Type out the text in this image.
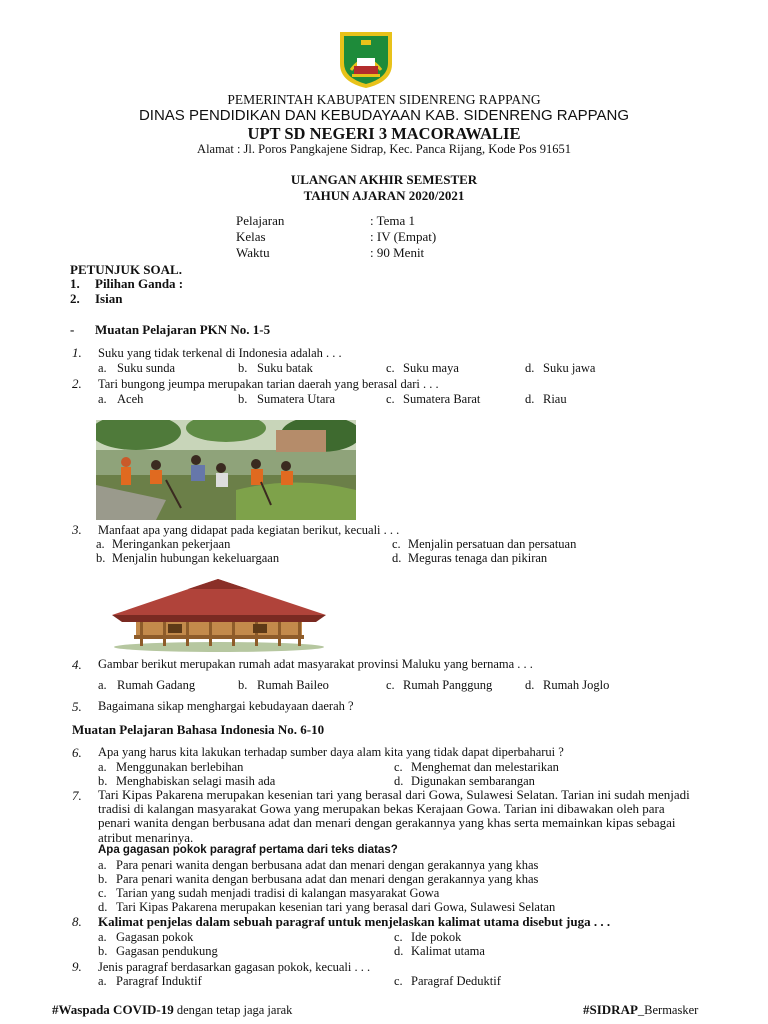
PEMERINTAH KABUPATEN SIDENRENG RAPPANG
DINAS PENDIDIKAN DAN KEBUDAYAAN KAB. SIDENRENG RAPPANG
UPT SD NEGERI 3 MACORAWALIE
Alamat : Jl. Poros Pangkajene Sidrap, Kec. Panca Rijang, Kode Pos 91651
ULANGAN AKHIR SEMESTER
TAHUN AJARAN 2020/2021
Pelajaran	: Tema 1
Kelas	: IV (Empat)
Waktu	: 90 Menit
PETUNJUK SOAL.
1. Pilihan Ganda :
2. Isian
- Muatan Pelajaran PKN No. 1-5
1. Suku yang tidak terkenal di Indonesia adalah . . .
a. Suku sunda	b. Suku batak	c. Suku maya	d. Suku jawa
2. Tari bungong jeumpa merupakan tarian daerah yang berasal dari . . .
a. Aceh	b. Sumatera Utara	c. Sumatera Barat	d. Riau
3. Manfaat apa yang didapat pada kegiatan berikut, kecuali . . .
a. Meringankan pekerjaan	c. Menjalin persatuan dan persatuan
b. Menjalin hubungan kekeluargaan	d. Meguras tenaga dan pikiran
4. Gambar berikut merupakan rumah adat masyarakat provinsi Maluku yang bernama . . .
a. Rumah Gadang	b. Rumah Baileo	c. Rumah Panggung	d. Rumah Joglo
5. Bagaimana sikap menghargai kebudayaan daerah ?
Muatan Pelajaran Bahasa Indonesia No. 6-10
6. Apa yang harus kita lakukan terhadap sumber daya alam kita yang tidak dapat diperbaharui ?
a. Menggunakan berlebihan	c. Menghemat dan melestarikan
b. Menghabiskan selagi masih ada	d. Digunakan sembarangan
7. Tari Kipas Pakarena merupakan kesenian tari yang berasal dari Gowa, Sulawesi Selatan. Tarian ini sudah menjadi tradisi di kalangan masyarakat Gowa yang merupakan bekas Kerajaan Gowa. Tarian ini dibawakan oleh para penari wanita dengan berbusana adat dan menari dengan gerakannya yang khas serta memainkan kipas sebagai atribut menarinya.
Apa gagasan pokok paragraf pertama dari teks diatas?
a. Para penari wanita dengan berbusana adat dan menari dengan gerakannya yang khas
b. Para penari wanita dengan berbusana adat dan menari dengan gerakannya yang khas
c. Tarian yang sudah menjadi tradisi di kalangan masyarakat Gowa
d. Tari Kipas Pakarena merupakan kesenian tari yang berasal dari Gowa, Sulawesi Selatan
8. Kalimat penjelas dalam sebuah paragraf untuk menjelaskan kalimat utama disebut juga . . .
a. Gagasan pokok	c. Ide pokok
b. Gagasan pendukung	d. Kalimat utama
9. Jenis paragraf berdasarkan gagasan pokok, kecuali . . .
a. Paragraf Induktif	c. Paragraf Deduktif
#Waspada COVID-19 dengan tetap jaga jarak	#SIDRAP_Bermasker
